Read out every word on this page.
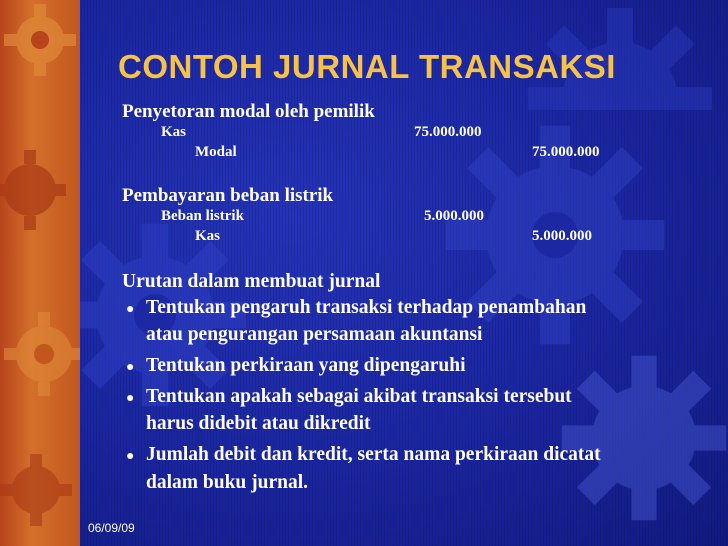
CONTOH JURNAL TRANSAKSI
Penyetoran modal oleh pemilik
Kas	75.000.000
Modal	75.000.000
Pembayaran beban listrik
Beban listrik	5.000.000
Kas	5.000.000
Urutan dalam membuat jurnal
● Tentukan pengaruh transaksi terhadap penambahan
atau pengurangan persamaan akuntansi
● Tentukan perkiraan yang dipengaruhi
● Tentukan apakah sebagai akibat transaksi tersebut
harus didebit atau dikredit
● Jumlah debit dan kredit, serta nama perkiraan dicatat
dalam buku jurnal.
06/09/09
